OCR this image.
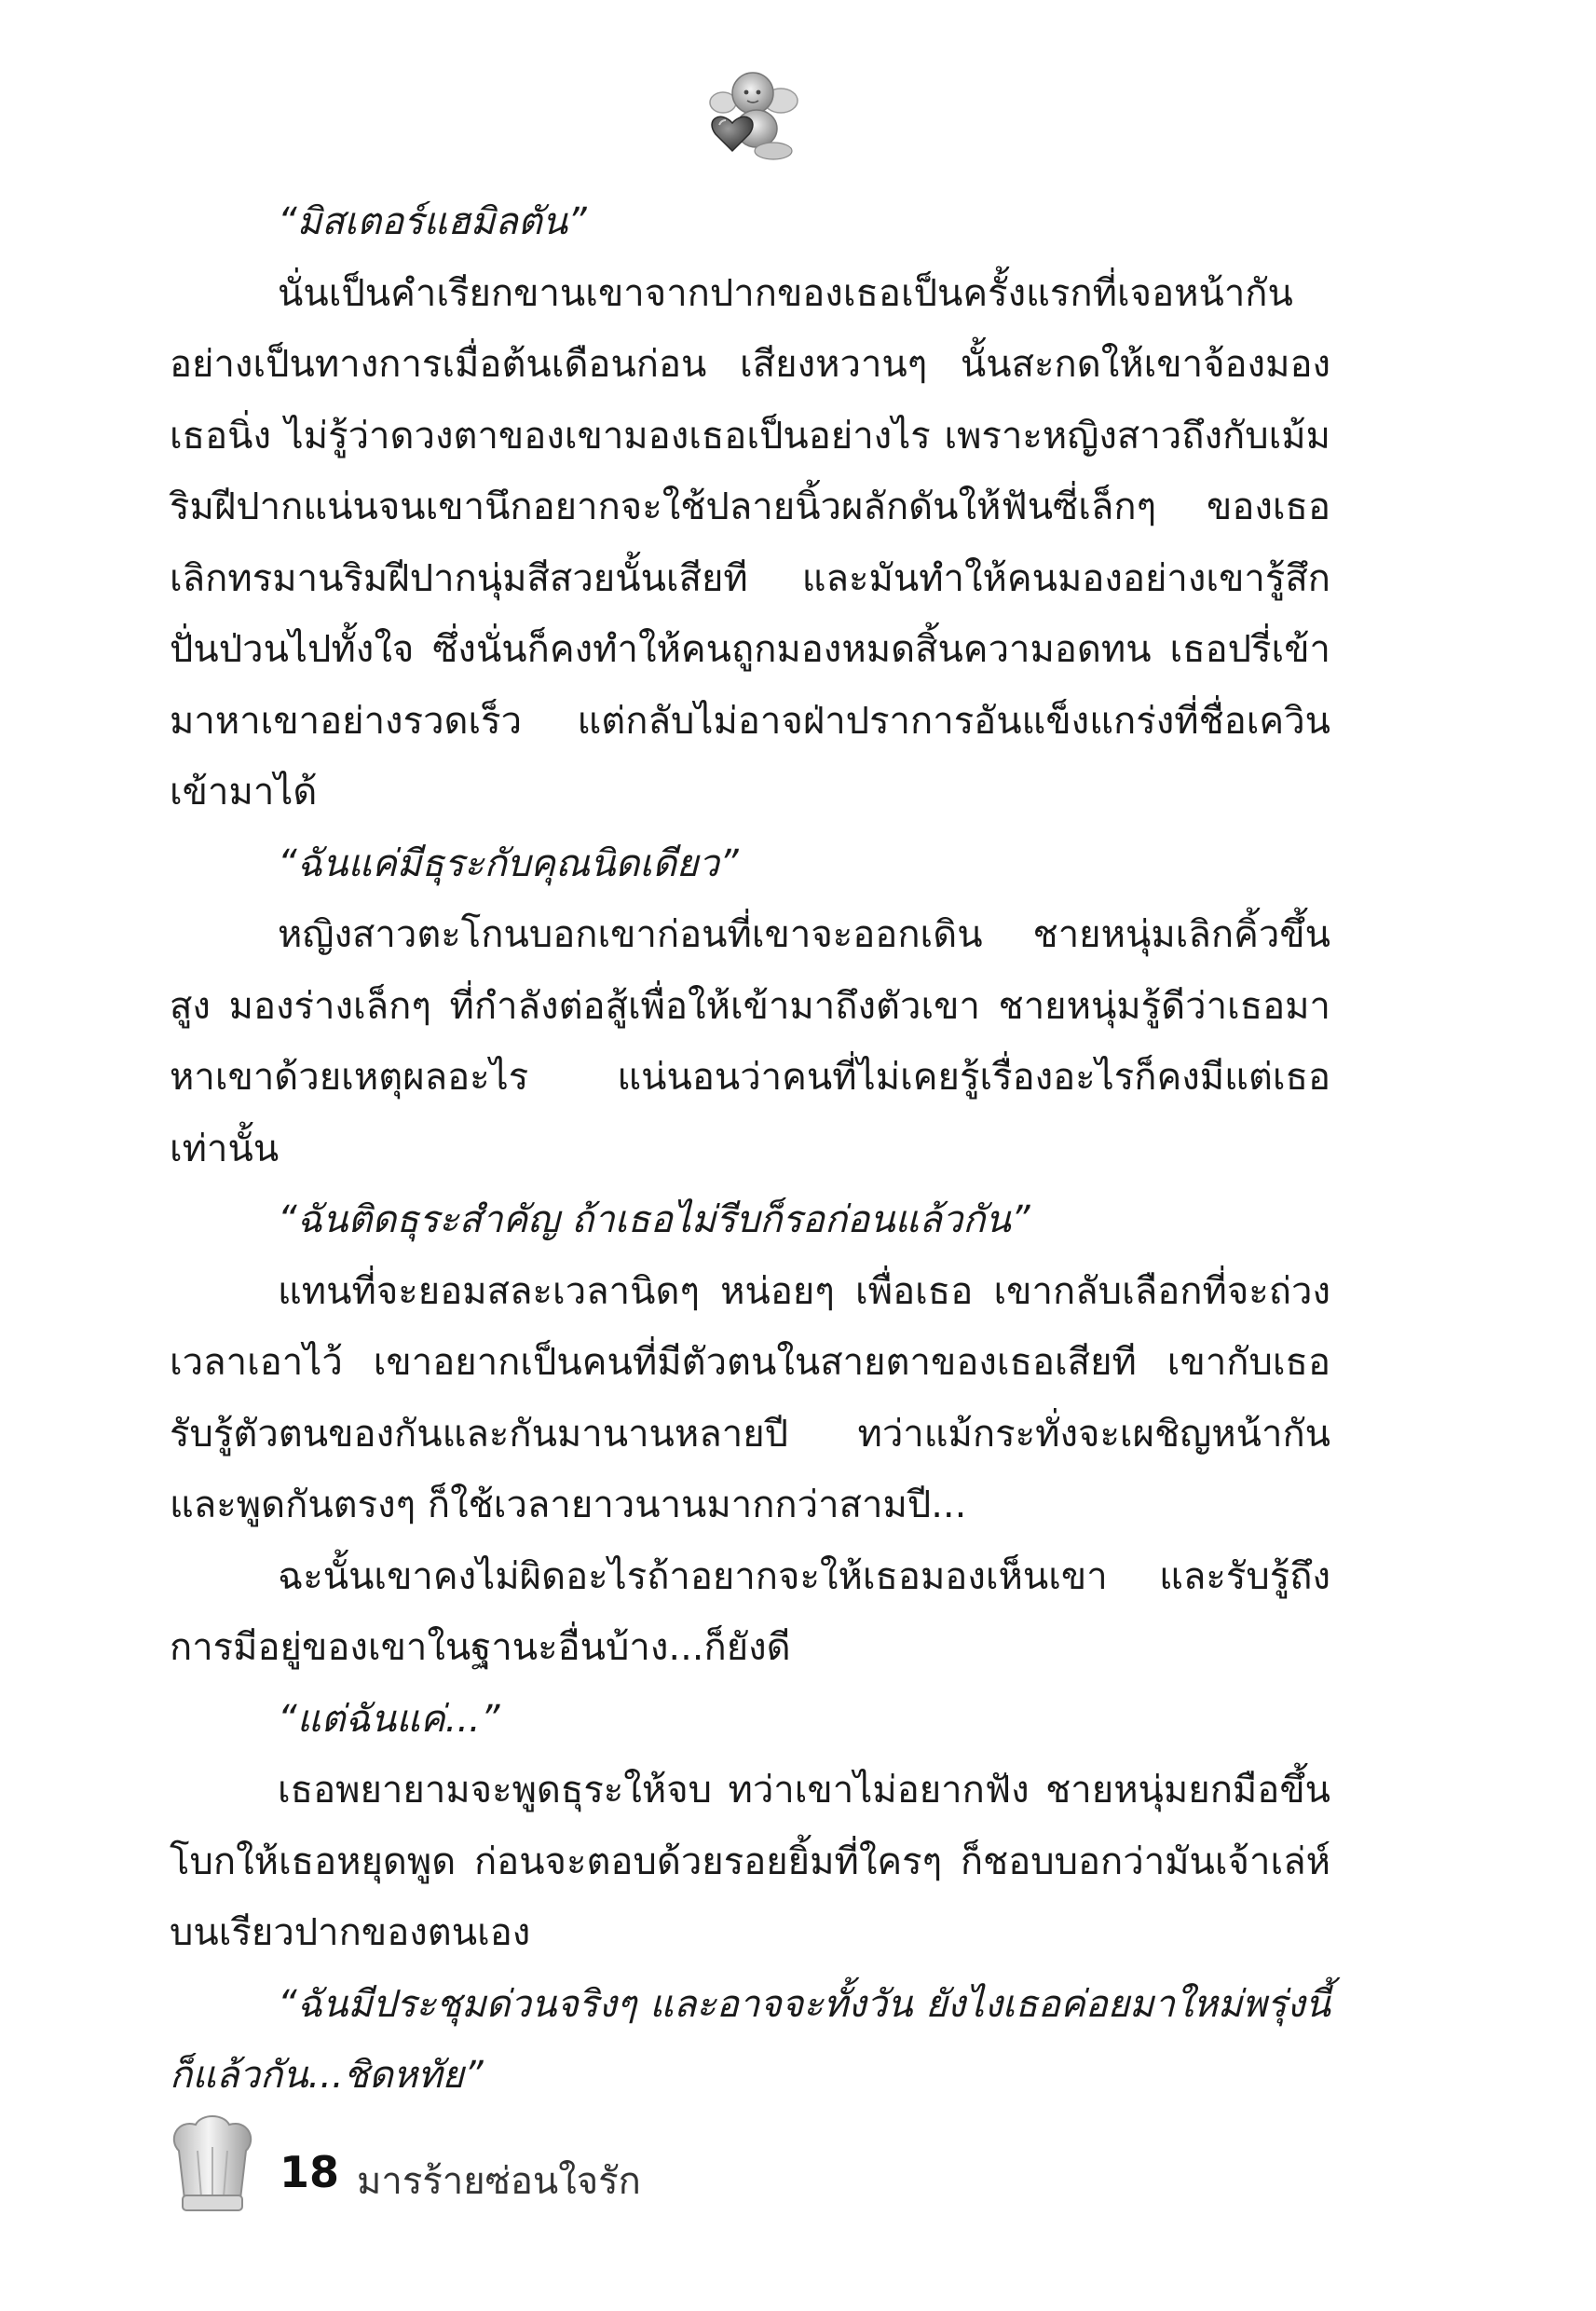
“มิสเตอร์แฮมิลตัน”

นั่นเป็นคำเรียกขานเขาจากปากของเธอเป็นครั้งแรกที่เจอหน้ากันอย่างเป็นทางการเมื่อต้นเดือนก่อน เสียงหวานๆ นั้นสะกดให้เขาจ้องมองเธอนิ่ง ไม่รู้ว่าดวงตาของเขามองเธอเป็นอย่างไร เพราะหญิงสาวถึงกับเม้มริมฝีปากแน่นจนเขานึกอยากจะใช้ปลายนิ้วผลักดันให้ฟันซี่เล็กๆ ของเธอเลิกทรมานริมฝีปากนุ่มสีสวยนั้นเสียที และมันทำให้คนมองอย่างเขารู้สึกปั่นป่วนไปทั้งใจ ซึ่งนั่นก็คงทำให้คนถูกมองหมดสิ้นความอดทน เธอปรี่เข้ามาหาเขาอย่างรวดเร็ว แต่กลับไม่อาจฝ่าปราการอันแข็งแกร่งที่ชื่อเควินเข้ามาได้

“ฉันแค่มีธุระกับคุณนิดเดียว”

หญิงสาวตะโกนบอกเขาก่อนที่เขาจะออกเดิน ชายหนุ่มเลิกคิ้วขึ้นสูง มองร่างเล็กๆ ที่กำลังต่อสู้เพื่อให้เข้ามาถึงตัวเขา ชายหนุ่มรู้ดีว่าเธอมาหาเขาด้วยเหตุผลอะไร แน่นอนว่าคนที่ไม่เคยรู้เรื่องอะไรก็คงมีแต่เธอเท่านั้น

“ฉันติดธุระสำคัญ ถ้าเธอไม่รีบก็รอก่อนแล้วกัน”

แทนที่จะยอมสละเวลานิดๆ หน่อยๆ เพื่อเธอ เขากลับเลือกที่จะถ่วงเวลาเอาไว้ เขาอยากเป็นคนที่มีตัวตนในสายตาของเธอเสียที เขากับเธอรับรู้ตัวตนของกันและกันมานานหลายปี ทว่าแม้กระทั่งจะเผชิญหน้ากันและพูดกันตรงๆ ก็ใช้เวลายาวนานมากกว่าสามปี...

ฉะนั้นเขาคงไม่ผิดอะไรถ้าอยากจะให้เธอมองเห็นเขา และรับรู้ถึงการมีอยู่ของเขาในฐานะอื่นบ้าง...ก็ยังดี

“แต่ฉันแค่...”

เธอพยายามจะพูดธุระให้จบ ทว่าเขาไม่อยากฟัง ชายหนุ่มยกมือขึ้นโบกให้เธอหยุดพูด ก่อนจะตอบด้วยรอยยิ้มที่ใครๆ ก็ชอบบอกว่ามันเจ้าเล่ห์บนเรียวปากของตนเอง

“ฉันมีประชุมด่วนจริงๆ และอาจจะทั้งวัน ยังไงเธอค่อยมาใหม่พรุ่งนี้ก็แล้วกัน...ชิดหทัย”

18 มารร้ายซ่อนใจรัก
